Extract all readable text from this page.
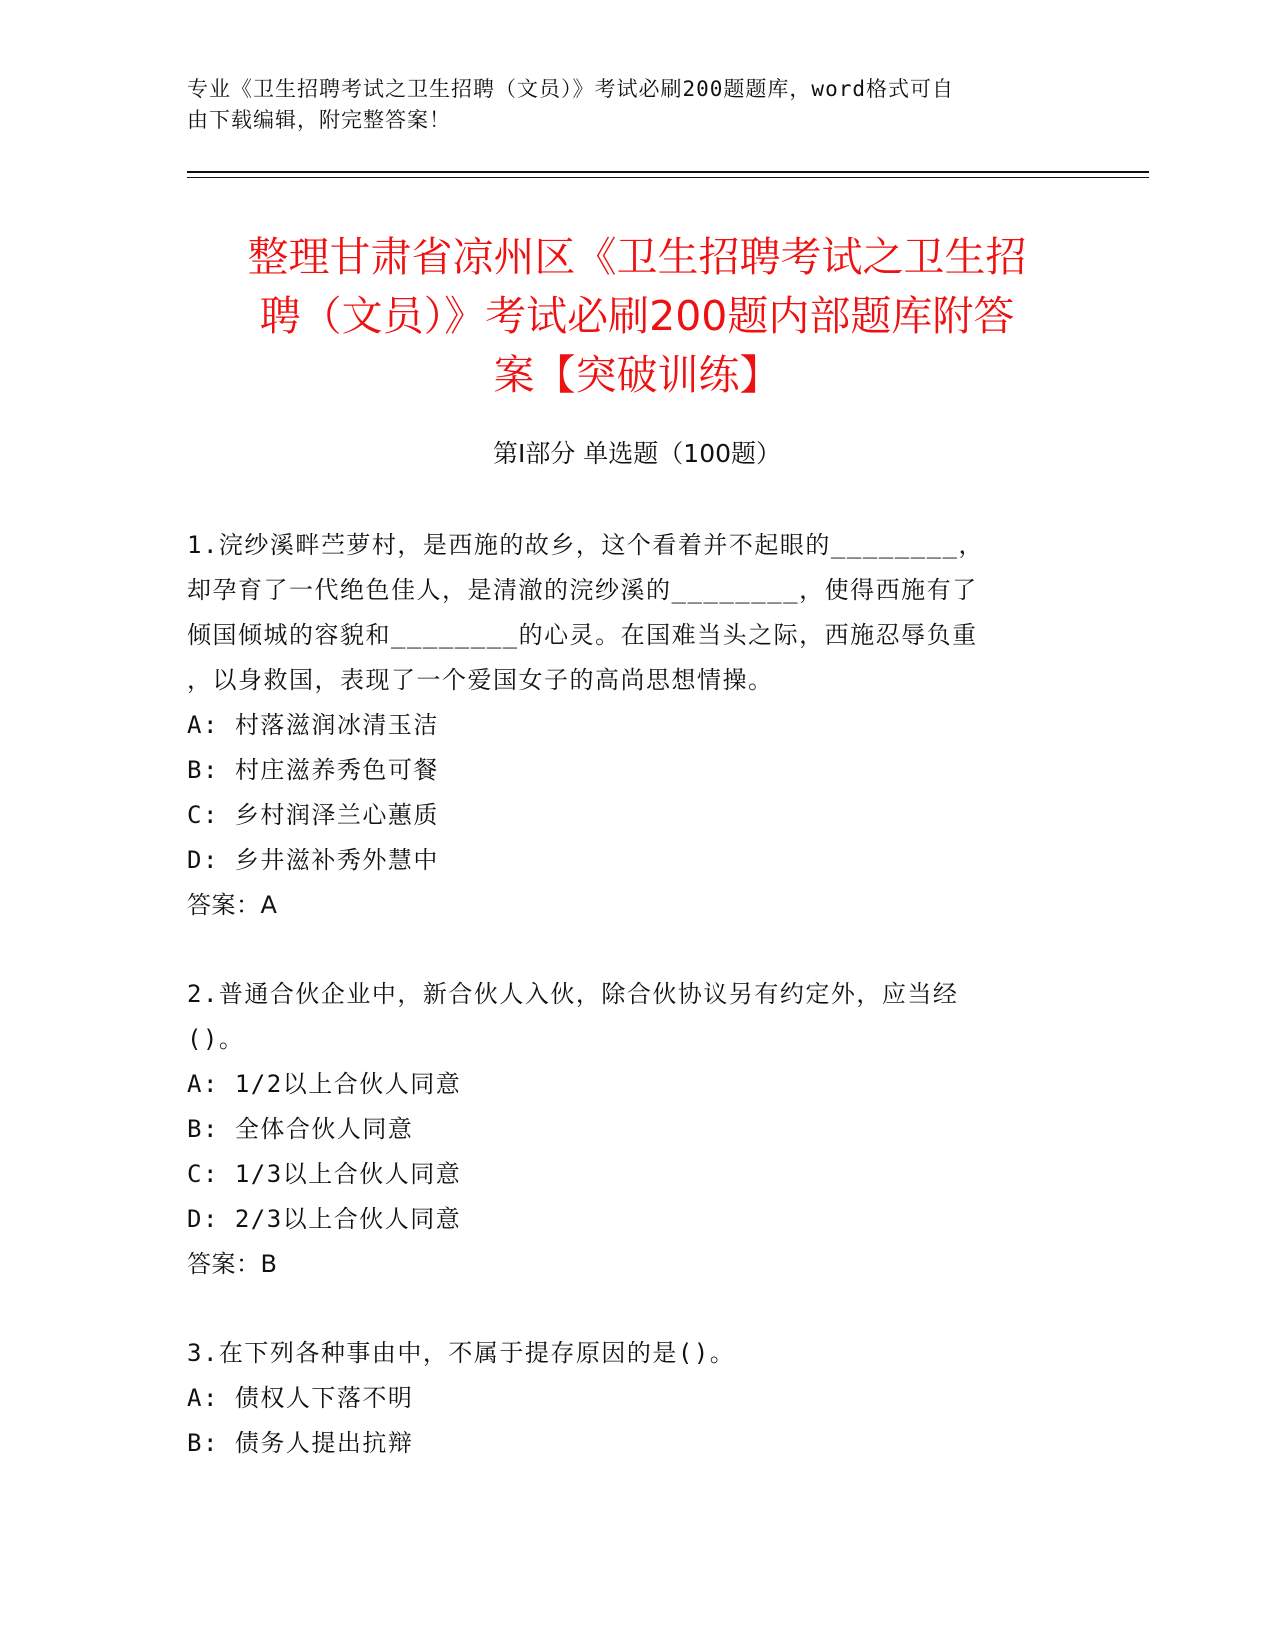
专业《卫生招聘考试之卫生招聘（文员）》考试必刷200题题库，word格式可自
由下载编辑，附完整答案！
整理甘肃省凉州区《卫生招聘考试之卫生招
聘（文员）》考试必刷200题内部题库附答
案【突破训练】
第I部分 单选题（100题）
1.浣纱溪畔苎萝村，是西施的故乡，这个看着并不起眼的________，
却孕育了一代绝色佳人，是清澈的浣纱溪的________，使得西施有了
倾国倾城的容貌和________的心灵。在国难当头之际，西施忍辱负重
，以身救国，表现了一个爱国女子的高尚思想情操。
A: 村落滋润冰清玉洁
B: 村庄滋养秀色可餐
C: 乡村润泽兰心蕙质
D: 乡井滋补秀外慧中
答案：A
2.普通合伙企业中，新合伙人入伙，除合伙协议另有约定外，应当经
()。
A: 1/2以上合伙人同意
B: 全体合伙人同意
C: 1/3以上合伙人同意
D: 2/3以上合伙人同意
答案：B
3.在下列各种事由中，不属于提存原因的是()。
A: 债权人下落不明
B: 债务人提出抗辩
